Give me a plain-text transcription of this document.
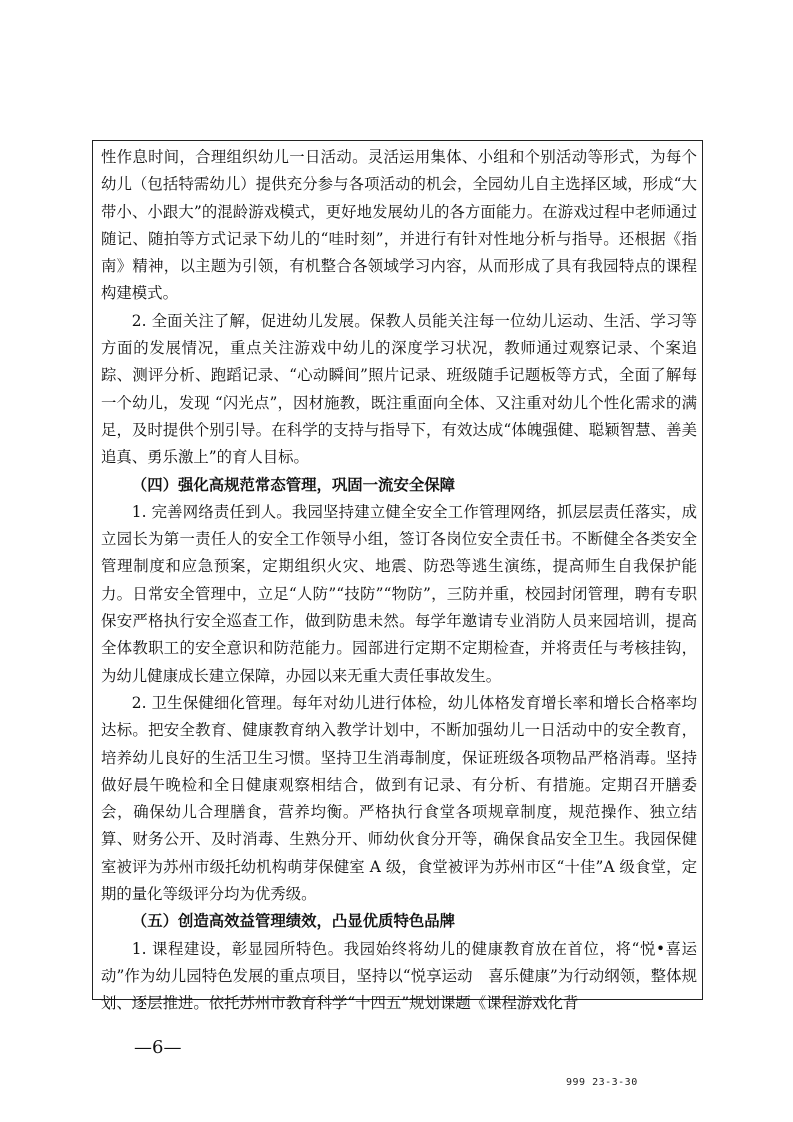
性作息时间，合理组织幼儿一日活动。灵活运用集体、小组和个别活动等形式，为每个幼儿（包括特需幼儿）提供充分参与各项活动的机会，全园幼儿自主选择区域，形成“大带小、小跟大”的混龄游戏模式，更好地发展幼儿的各方面能力。在游戏过程中老师通过随记、随拍等方式记录下幼儿的“哇时刻”，并进行有针对性地分析与指导。还根据《指南》精神，以主题为引领，有机整合各领域学习内容，从而形成了具有我园特点的课程构建模式。

2. 全面关注了解，促进幼儿发展。保教人员能关注每一位幼儿运动、生活、学习等方面的发展情况，重点关注游戏中幼儿的深度学习状况，教师通过观察记录、个案追踪、测评分析、跑蹈记录、“心动瞬间”照片记录、班级随手记题板等方式，全面了解每一个幼儿，发现 “闪光点”，因材施教，既注重面向全体、又注重对幼儿个性化需求的满足，及时提供个别引导。在科学的支持与指导下，有效达成“体魄强健、聪颖智慧、善美追真、勇乐激上”的育人目标。

（四）强化高规范常态管理，巩固一流安全保障

1. 完善网络责任到人。我园坚持建立健全安全工作管理网络，抓层层责任落实，成立园长为第一责任人的安全工作领导小组，签订各岗位安全责任书。不断健全各类安全管理制度和应急预案，定期组织火灾、地震、防恐等逃生演练，提高师生自我保护能力。日常安全管理中，立足“人防”“技防”“物防”，三防并重，校园封闭管理，聘有专职保安严格执行安全巡查工作，做到防患未然。每学年邀请专业消防人员来园培训，提高全体教职工的安全意识和防范能力。园部进行定期不定期检查，并将责任与考核挂钩，为幼儿健康成长建立保障，办园以来无重大责任事故发生。

2. 卫生保健细化管理。每年对幼儿进行体检，幼儿体格发育增长率和增长合格率均达标。把安全教育、健康教育纳入教学计划中，不断加强幼儿一日活动中的安全教育，培养幼儿良好的生活卫生习惯。坚持卫生消毒制度，保证班级各项物品严格消毒。坚持做好晨午晚检和全日健康观察相结合，做到有记录、有分析、有措施。定期召开膳委会，确保幼儿合理膳食，营养均衡。严格执行食堂各项规章制度，规范操作、独立结算、财务公开、及时消毒、生熟分开、师幼伙食分开等，确保食品安全卫生。我园保健室被评为苏州市级托幼机构萌芽保健室 A 级，食堂被评为苏州市区“十佳”A 级食堂，定期的量化等级评分均为优秀级。

（五）创造高效益管理绩效，凸显优质特色品牌

1. 课程建设，彰显园所特色。我园始终将幼儿的健康教育放在首位，将“悦•喜运动”作为幼儿园特色发展的重点项目，坚持以“悦享运动　喜乐健康”为行动纲领，整体规划、逐层推进。依托苏州市教育科学“十四五”规划课题《课程游戏化背

—6—
999 23-3-30
